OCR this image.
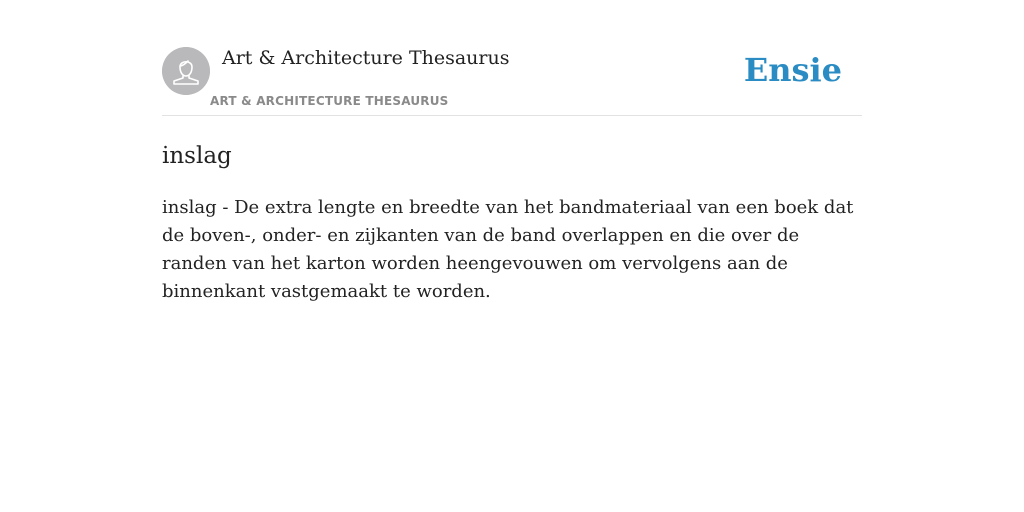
Art & Architecture Thesaurus
ART & ARCHITECTURE THESAURUS
Ensie
inslag

inslag - De extra lengte en breedte van het bandmateriaal van een boek dat de boven-, onder- en zijkanten van de band overlappen en die over de randen van het karton worden heengevouwen om vervolgens aan de binnenkant vastgemaakt te worden.
